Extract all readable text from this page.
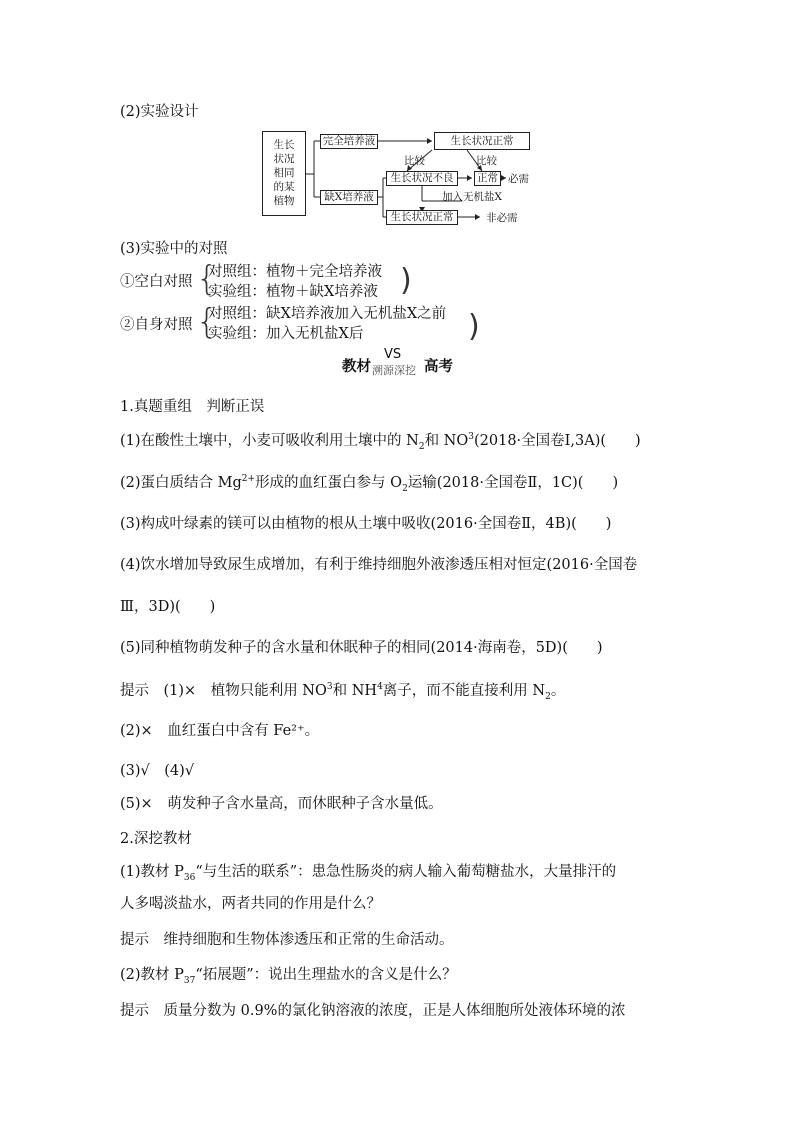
(2)实验设计
生长
状况
相同
的某
植物
完全培养液
缺X培养液
生长状况正常
比较	比较
生长状况不良	正常 必需
加入无机盐X
生长状况正常	非必需
(3)实验中的对照
①空白对照 {
对照组：植物＋完全培养液
实验组：植物＋缺X培养液 )
②自身对照 {
对照组：缺X培养液加入无机盐X之前
实验组：加入无机盐X后	)
教材
VS
溯源深挖 高考
1.真题重组　判断正误
(1)在酸性土壤中，小麦可吸收利用土壤中的 $N_2$和 $NO^3(2018\cdot$全国卷Ⅰ,3A)(　　)
(2)蛋白质结合 $Mg^{2+}$形成的血红蛋白参与 $O_2$运输(2018·全国卷Ⅱ，1C)(　　)
(3)构成叶绿素的镁可以由植物的根从土壤中吸收(2016·全国卷Ⅱ，4B)(　　)
(4)饮水增加导致尿生成增加，有利于维持细胞外液渗透压相对恒定(2016·全国卷
Ⅲ，3D)(　　)
(5)同种植物萌发种子的含水量和休眠种子的相同(2014·海南卷，5D)(　　)
提示　(1)×　植物只能利用 $NO^3$和 $NH^4$离子，而不能直接利用 $N_2$。
(2)×　血红蛋白中含有 Fe²⁺。
(3)√　(4)√
(5)×　萌发种子含水量高，而休眠种子含水量低。
2.深挖教材
(1)教材 $P_{36}“$与生活的联系”：患急性肠炎的病人输入葡萄糖盐水，大量排汗的
人多喝淡盐水，两者共同的作用是什么？
提示　维持细胞和生物体渗透压和正常的生命活动。
(2)教材 $P_{37}“$拓展题”：说出生理盐水的含义是什么？
提示　质量分数为 0.9%的氯化钠溶液的浓度，正是人体细胞所处液体环境的浓
